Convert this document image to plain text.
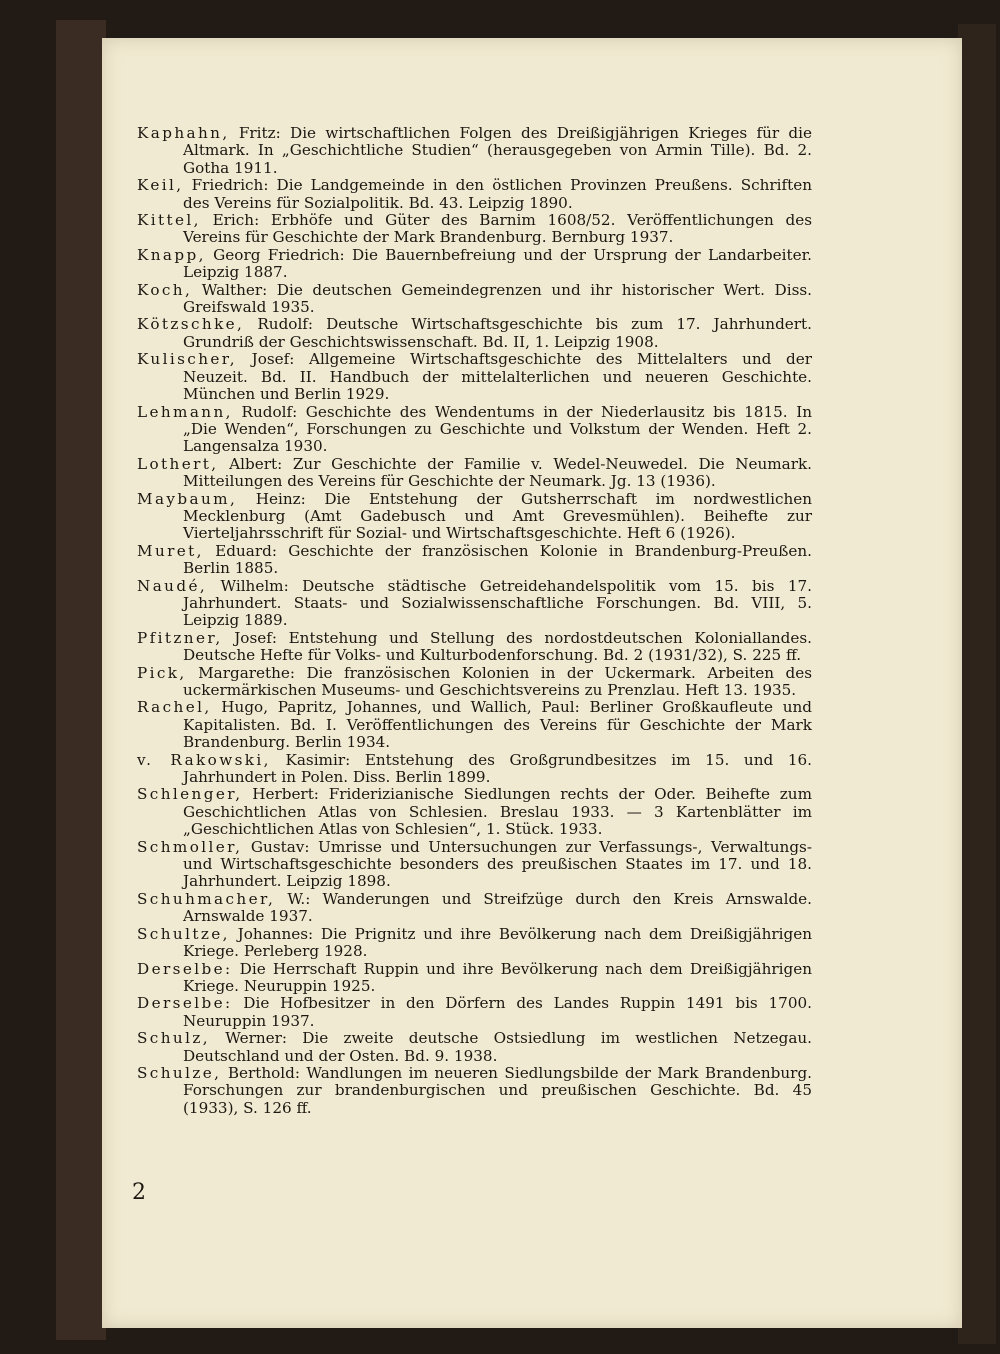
Kaphahn, Fritz: Die wirtschaftlichen Folgen des Dreißigjährigen Krieges für die Altmark. In „Geschichtliche Studien“ (herausgegeben von Armin Tille). Bd. 2. Gotha 1911.

Keil, Friedrich: Die Landgemeinde in den östlichen Provinzen Preußens. Schriften des Vereins für Sozialpolitik. Bd. 43. Leipzig 1890.

Kittel, Erich: Erbhöfe und Güter des Barnim 1608/52. Veröffentlichungen des Vereins für Geschichte der Mark Brandenburg. Bernburg 1937.

Knapp, Georg Friedrich: Die Bauernbefreiung und der Ursprung der Landarbeiter. Leipzig 1887.

Koch, Walther: Die deutschen Gemeindegrenzen und ihr historischer Wert. Diss. Greifswald 1935.

Kötzschke, Rudolf: Deutsche Wirtschaftsgeschichte bis zum 17. Jahrhundert. Grundriß der Geschichtswissenschaft. Bd. II, 1. Leipzig 1908.

Kulischer, Josef: Allgemeine Wirtschaftsgeschichte des Mittelalters und der Neuzeit. Bd. II. Handbuch der mittelalterlichen und neueren Geschichte. München und Berlin 1929.

Lehmann, Rudolf: Geschichte des Wendentums in der Niederlausitz bis 1815. In „Die Wenden“, Forschungen zu Geschichte und Volkstum der Wenden. Heft 2. Langensalza 1930.

Lothert, Albert: Zur Geschichte der Familie v. Wedel-Neuwedel. Die Neumark. Mitteilungen des Vereins für Geschichte der Neumark. Jg. 13 (1936).

Maybaum, Heinz: Die Entstehung der Gutsherrschaft im nordwestlichen Mecklenburg (Amt Gadebusch und Amt Grevesmühlen). Beihefte zur Vierteljahrsschrift für Sozial- und Wirtschaftsgeschichte. Heft 6 (1926).

Muret, Eduard: Geschichte der französischen Kolonie in Brandenburg-Preußen. Berlin 1885.

Naudé, Wilhelm: Deutsche städtische Getreidehandelspolitik vom 15. bis 17. Jahrhundert. Staats- und Sozialwissenschaftliche Forschungen. Bd. VIII, 5. Leipzig 1889.

Pfitzner, Josef: Entstehung und Stellung des nordostdeutschen Koloniallandes. Deutsche Hefte für Volks- und Kulturbodenforschung. Bd. 2 (1931/32), S. 225 ff.

Pick, Margarethe: Die französischen Kolonien in der Uckermark. Arbeiten des uckermärkischen Museums- und Geschichtsvereins zu Prenzlau. Heft 13. 1935.

Rachel, Hugo, Papritz, Johannes, und Wallich, Paul: Berliner Großkaufleute und Kapitalisten. Bd. I. Veröffentlichungen des Vereins für Geschichte der Mark Brandenburg. Berlin 1934.

v. Rakowski, Kasimir: Entstehung des Großgrundbesitzes im 15. und 16. Jahrhundert in Polen. Diss. Berlin 1899.

Schlenger, Herbert: Friderizianische Siedlungen rechts der Oder. Beihefte zum Geschichtlichen Atlas von Schlesien. Breslau 1933. — 3 Kartenblätter im „Geschichtlichen Atlas von Schlesien“, 1. Stück. 1933.

Schmoller, Gustav: Umrisse und Untersuchungen zur Verfassungs-, Verwaltungs- und Wirtschaftsgeschichte besonders des preußischen Staates im 17. und 18. Jahrhundert. Leipzig 1898.

Schuhmacher, W.: Wanderungen und Streifzüge durch den Kreis Arnswalde. Arnswalde 1937.

Schultze, Johannes: Die Prignitz und ihre Bevölkerung nach dem Dreißigjährigen Kriege. Perleberg 1928.

Derselbe: Die Herrschaft Ruppin und ihre Bevölkerung nach dem Dreißigjährigen Kriege. Neuruppin 1925.

Derselbe: Die Hofbesitzer in den Dörfern des Landes Ruppin 1491 bis 1700. Neuruppin 1937.

Schulz, Werner: Die zweite deutsche Ostsiedlung im westlichen Netzegau. Deutschland und der Osten. Bd. 9. 1938.

Schulze, Berthold: Wandlungen im neueren Siedlungsbilde der Mark Brandenburg. Forschungen zur brandenburgischen und preußischen Geschichte. Bd. 45 (1933), S. 126 ff.

2
